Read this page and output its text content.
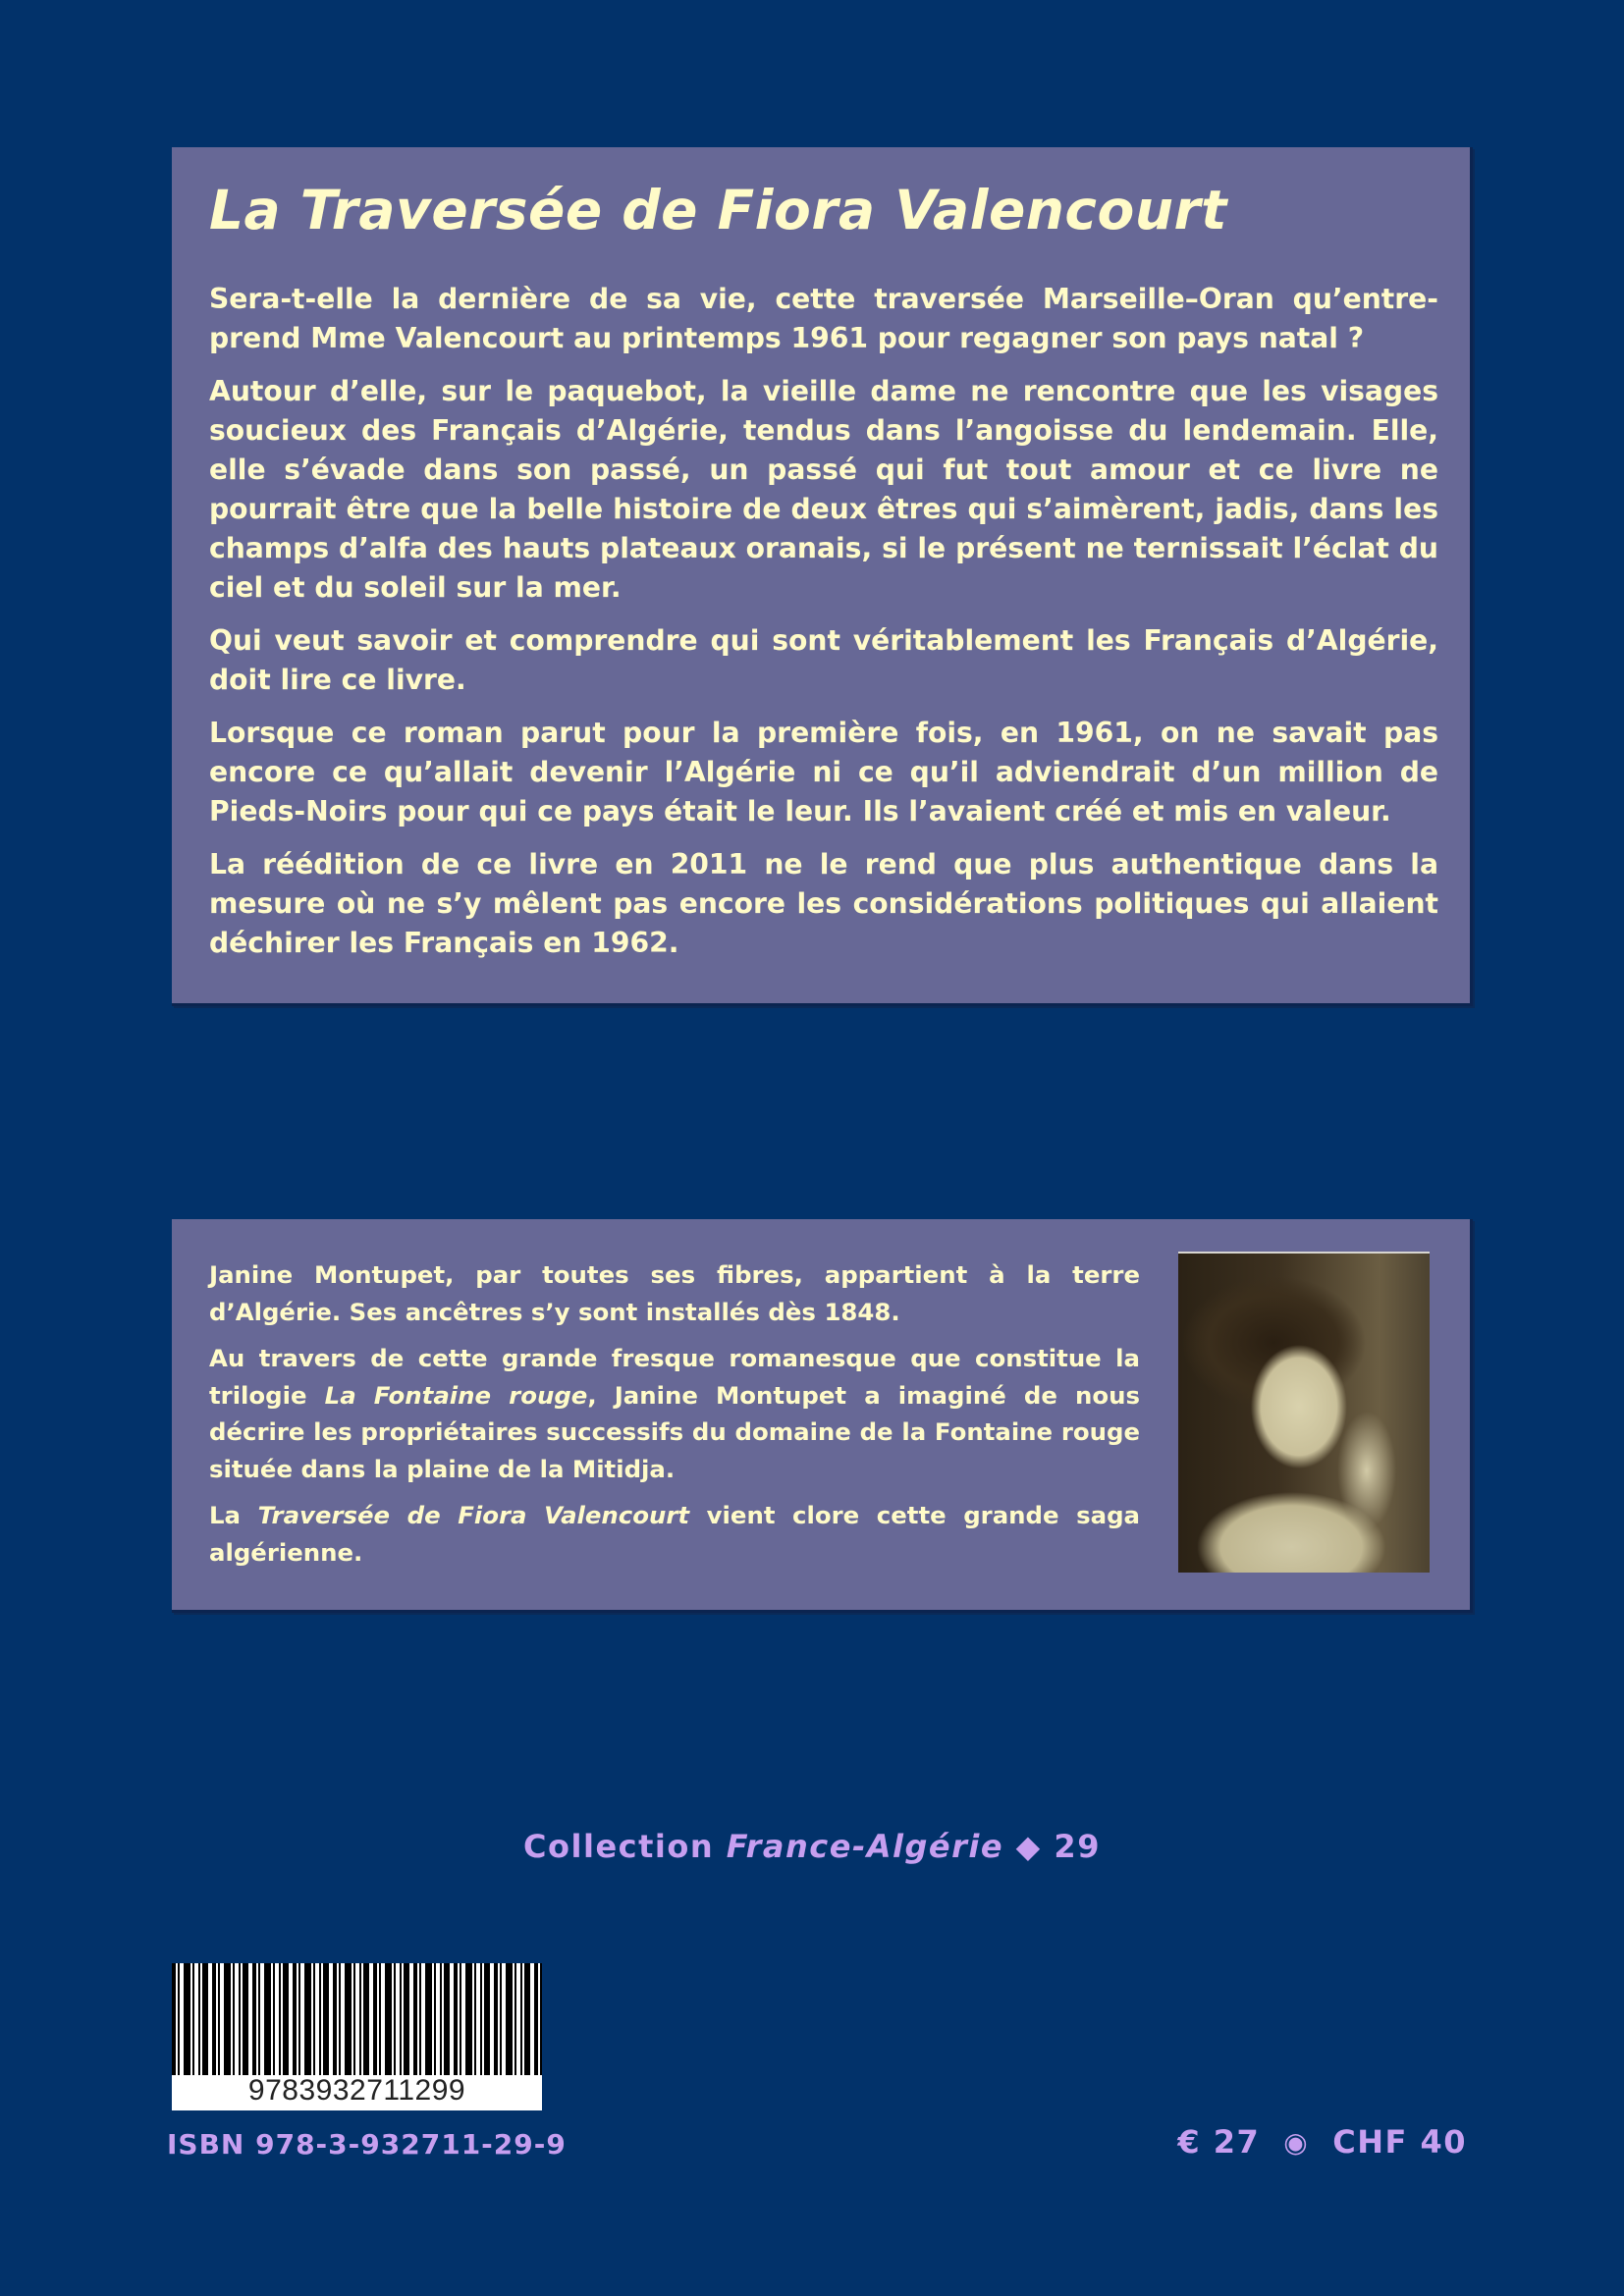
La Traversée de Fiora Valencourt

Sera-t-elle la dernière de sa vie, cette traversée Marseille–Oran qu’entre-prend Mme Valencourt au printemps 1961 pour regagner son pays natal ?

Autour d’elle, sur le paquebot, la vieille dame ne rencontre que les visages soucieux des Français d’Algérie, tendus dans l’angoisse du lendemain. Elle, elle s’évade dans son passé, un passé qui fut tout amour et ce livre ne pourrait être que la belle histoire de deux êtres qui s’aimèrent, jadis, dans les champs d’alfa des hauts plateaux oranais, si le présent ne ternissait l’éclat du ciel et du soleil sur la mer.

Qui veut savoir et comprendre qui sont véritablement les Français d’Algérie, doit lire ce livre.

Lorsque ce roman parut pour la première fois, en 1961, on ne savait pas encore ce qu’allait devenir l’Algérie ni ce qu’il adviendrait d’un million de Pieds-Noirs pour qui ce pays était le leur. Ils l’avaient créé et mis en valeur.

La réédition de ce livre en 2011 ne le rend que plus authentique dans la mesure où ne s’y mêlent pas encore les considérations politiques qui allaient déchirer les Français en 1962.

Janine Montupet, par toutes ses fibres, appartient à la terre d’Algérie. Ses ancêtres s’y sont installés dès 1848.

Au travers de cette grande fresque romanesque que constitue la trilogie La Fontaine rouge, Janine Montupet a imaginé de nous décrire les propriétaires successifs du domaine de la Fontaine rouge située dans la plaine de la Mitidja.

La Traversée de Fiora Valencourt vient clore cette grande saga algérienne.

Collection France-Algérie ◆ 29
9783932711299
ISBN 978-3-932711-29-9	€ 27 ◉ CHF 40
